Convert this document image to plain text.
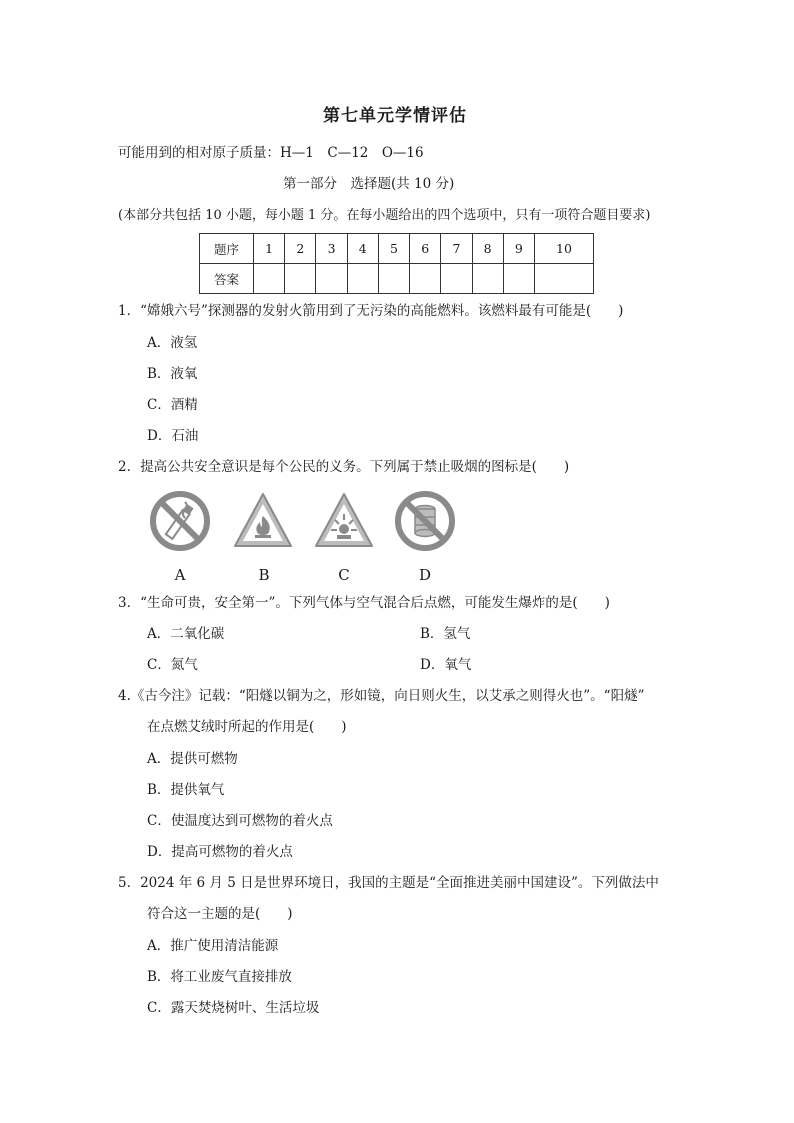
第七单元学情评估
可能用到的相对原子质量：H—1　C—12　O—16
第一部分　选择题(共 10 分)
(本部分共包括 10 小题，每小题 1 分。在每小题给出的四个选项中，只有一项符合题目要求)
题序	1	2	3	4	5	6	7	8	9	10
答案										
1．“嫦娥六号”探测器的发射火箭用到了无污染的高能燃料。该燃料最有可能是(　　)
A．液氢
B．液氧
C．酒精
D．石油
2．提高公共安全意识是每个公民的义务。下列属于禁止吸烟的图标是(　　)
A	B	C	D
3．“生命可贵，安全第一”。下列气体与空气混合后点燃，可能发生爆炸的是(　　)
A．二氧化碳	B．氢气
C．氮气	D．氧气
4.《古今注》记载：“阳燧以铜为之，形如镜，向日则火生，以艾承之则得火也”。“阳燧”
在点燃艾绒时所起的作用是(　　)
A．提供可燃物
B．提供氧气
C．使温度达到可燃物的着火点
D．提高可燃物的着火点
5．2024 年 6 月 5 日是世界环境日，我国的主题是“全面推进美丽中国建设”。下列做法中
符合这一主题的是(　　)
A．推广使用清洁能源
B．将工业废气直接排放
C．露天焚烧树叶、生活垃圾
